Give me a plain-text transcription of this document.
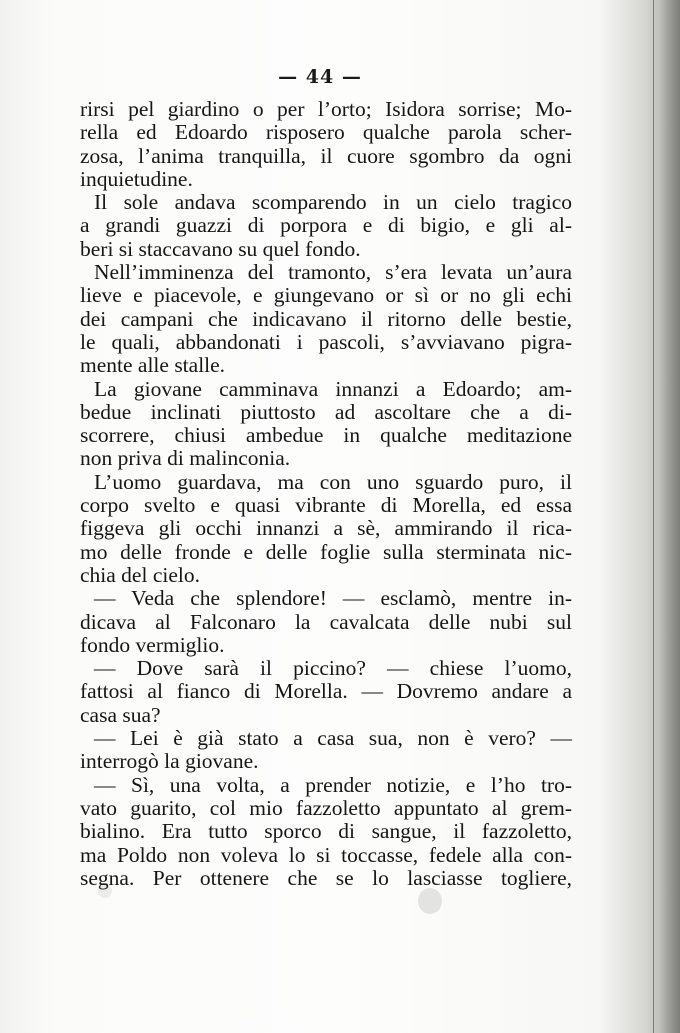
— 44 —
rirsi pel giardino o per l’orto; Isidora sorrise; Mo-
rella ed Edoardo risposero qualche parola scher-
zosa, l’anima tranquilla, il cuore sgombro da ogni
inquietudine.
Il sole andava scomparendo in un cielo tragico
a grandi guazzi di porpora e di bigio, e gli al-
beri si staccavano su quel fondo.
Nell’imminenza del tramonto, s’era levata un’aura
lieve e piacevole, e giungevano or sì or no gli echi
dei campani che indicavano il ritorno delle bestie,
le quali, abbandonati i pascoli, s’avviavano pigra-
mente alle stalle.
La giovane camminava innanzi a Edoardo; am-
bedue inclinati piuttosto ad ascoltare che a di-
scorrere, chiusi ambedue in qualche meditazione
non priva di malinconia.
L’uomo guardava, ma con uno sguardo puro, il
corpo svelto e quasi vibrante di Morella, ed essa
figgeva gli occhi innanzi a sè, ammirando il rica-
mo delle fronde e delle foglie sulla sterminata nic-
chia del cielo.
— Veda che splendore! — esclamò, mentre in-
dicava al Falconaro la cavalcata delle nubi sul
fondo vermiglio.
— Dove sarà il piccino? — chiese l’uomo,
fattosi al fianco di Morella. — Dovremo andare a
casa sua?
— Lei è già stato a casa sua, non è vero? —
interrogò la giovane.
— Sì, una volta, a prender notizie, e l’ho tro-
vato guarito, col mio fazzoletto appuntato al grem-
bialino. Era tutto sporco di sangue, il fazzoletto,
ma Poldo non voleva lo si toccasse, fedele alla con-
segna. Per ottenere che se lo lasciasse togliere,
